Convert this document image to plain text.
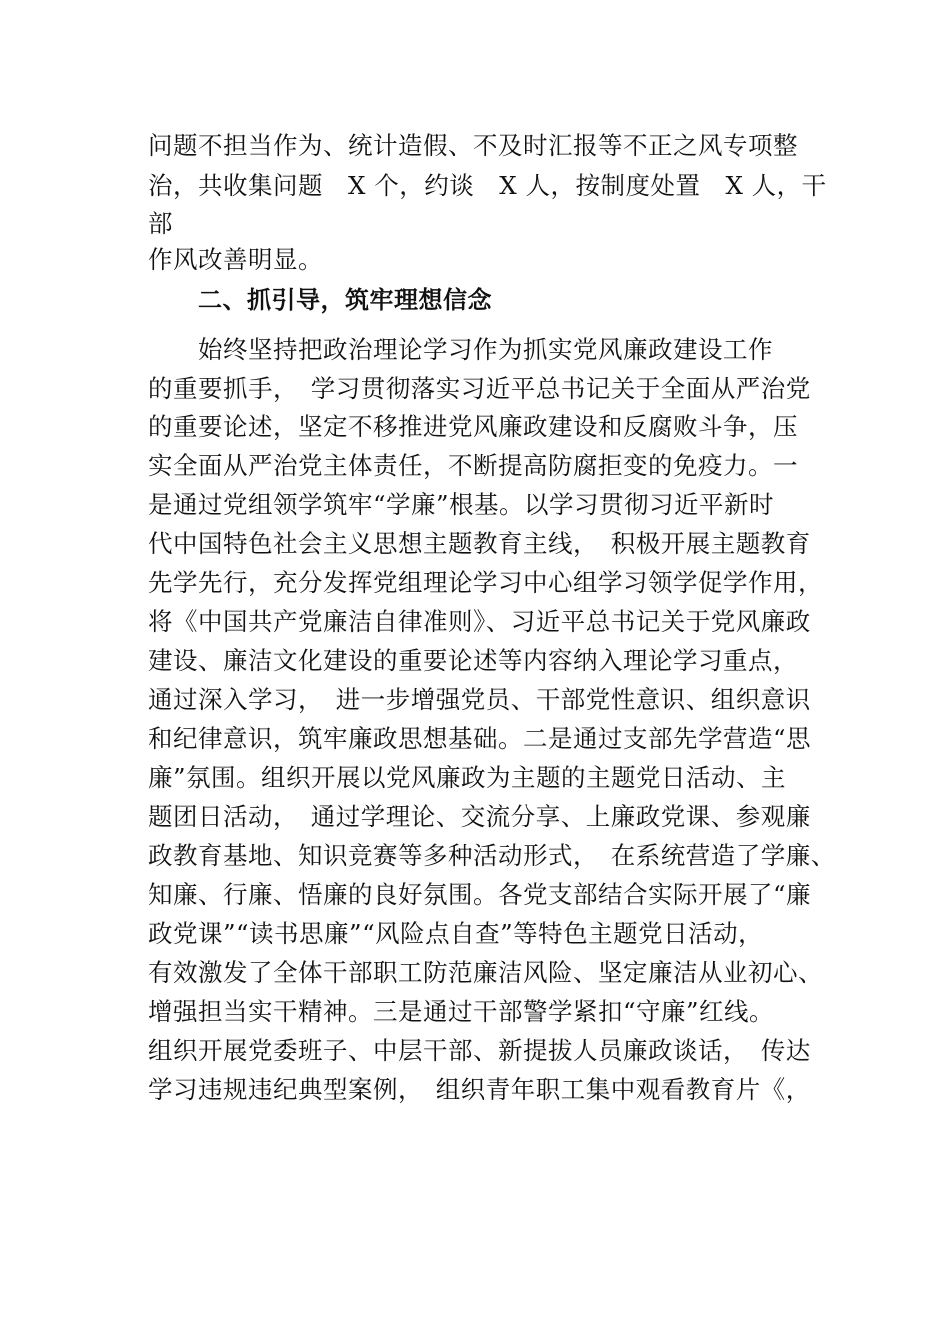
问题不担当作为、统计造假、不及时汇报等不正之风专项整
治，共收集问题　X 个，约谈　X 人，按制度处置　X 人，干
部
作风改善明显。
二、抓引导，筑牢理想信念
始终坚持把政治理论学习作为抓实党风廉政建设工作
的重要抓手，　学习贯彻落实习近平总书记关于全面从严治党
的重要论述，坚定不移推进党风廉政建设和反腐败斗争，压
实全面从严治党主体责任，不断提高防腐拒变的免疫力。一
是通过党组领学筑牢“学廉”根基。以学习贯彻习近平新时
代中国特色社会主义思想主题教育主线，　积极开展主题教育
先学先行，充分发挥党组理论学习中心组学习领学促学作用，
将《中国共产党廉洁自律准则》、习近平总书记关于党风廉政
建设、廉洁文化建设的重要论述等内容纳入理论学习重点，
通过深入学习，　进一步增强党员、干部党性意识、组织意识
和纪律意识，筑牢廉政思想基础。二是通过支部先学营造“思
廉”氛围。组织开展以党风廉政为主题的主题党日活动、主
题团日活动，　通过学理论、交流分享、上廉政党课、参观廉
政教育基地、知识竞赛等多种活动形式，　在系统营造了学廉、
知廉、行廉、悟廉的良好氛围。各党支部结合实际开展了“廉
政党课”“读书思廉”“风险点自查”等特色主题党日活动，
有效激发了全体干部职工防范廉洁风险、坚定廉洁从业初心、
增强担当实干精神。三是通过干部警学紧扣“守廉”红线。
组织开展党委班子、中层干部、新提拔人员廉政谈话，　传达
学习违规违纪典型案例，　组织青年职工集中观看教育片《，
